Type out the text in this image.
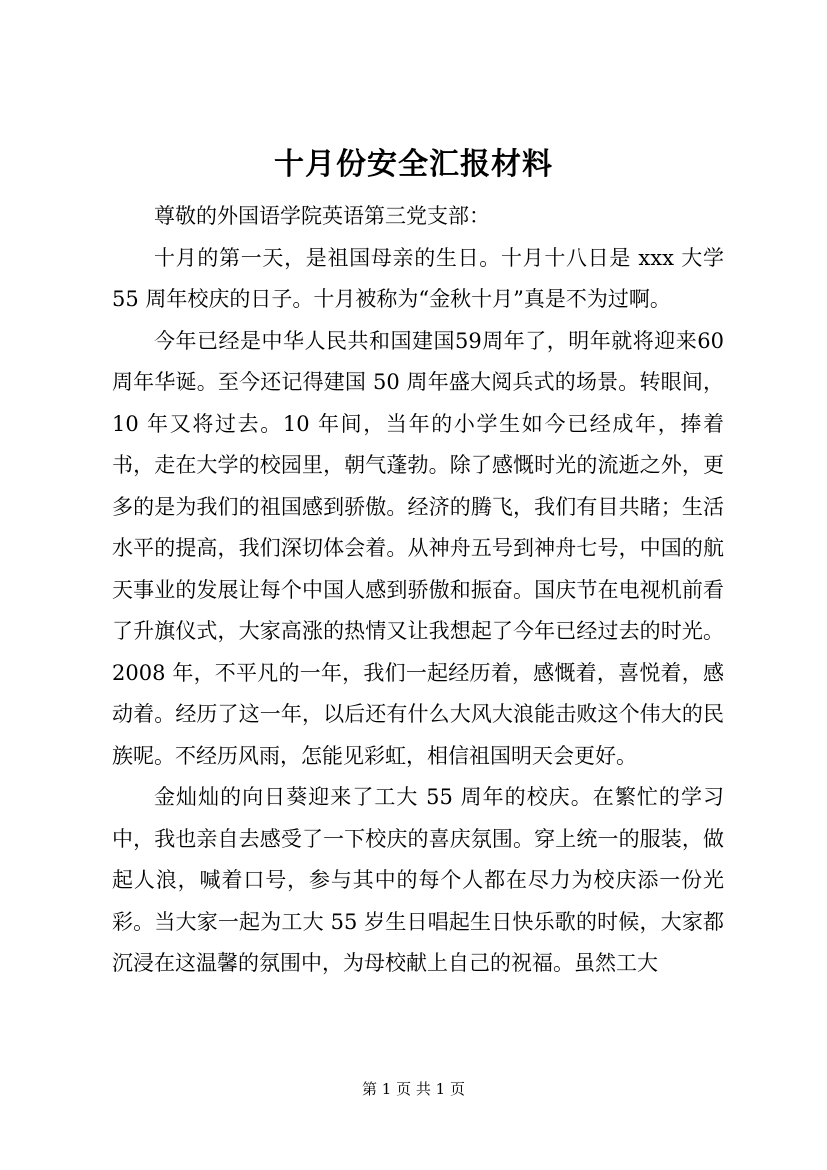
十月份安全汇报材料

尊敬的外国语学院英语第三党支部：

十月的第一天，是祖国母亲的生日。十月十八日是 xxx 大学 55 周年校庆的日子。十月被称为“金秋十月”真是不为过啊。

今年已经是中华人民共和国建国59周年了，明年就将迎来60周年华诞。至今还记得建国 50 周年盛大阅兵式的场景。转眼间，10 年又将过去。10 年间，当年的小学生如今已经成年，捧着书，走在大学的校园里，朝气蓬勃。除了感慨时光的流逝之外，更多的是为我们的祖国感到骄傲。经济的腾飞，我们有目共睹；生活水平的提高，我们深切体会着。从神舟五号到神舟七号，中国的航天事业的发展让每个中国人感到骄傲和振奋。国庆节在电视机前看了升旗仪式，大家高涨的热情又让我想起了今年已经过去的时光。2008 年，不平凡的一年，我们一起经历着，感慨着，喜悦着，感动着。经历了这一年，以后还有什么大风大浪能击败这个伟大的民族呢。不经历风雨，怎能见彩虹，相信祖国明天会更好。

金灿灿的向日葵迎来了工大 55 周年的校庆。在繁忙的学习中，我也亲自去感受了一下校庆的喜庆氛围。穿上统一的服装，做起人浪，喊着口号，参与其中的每个人都在尽力为校庆添一份光彩。当大家一起为工大 55 岁生日唱起生日快乐歌的时候，大家都沉浸在这温馨的氛围中，为母校献上自己的祝福。虽然工大

第 1 页 共 1 页
